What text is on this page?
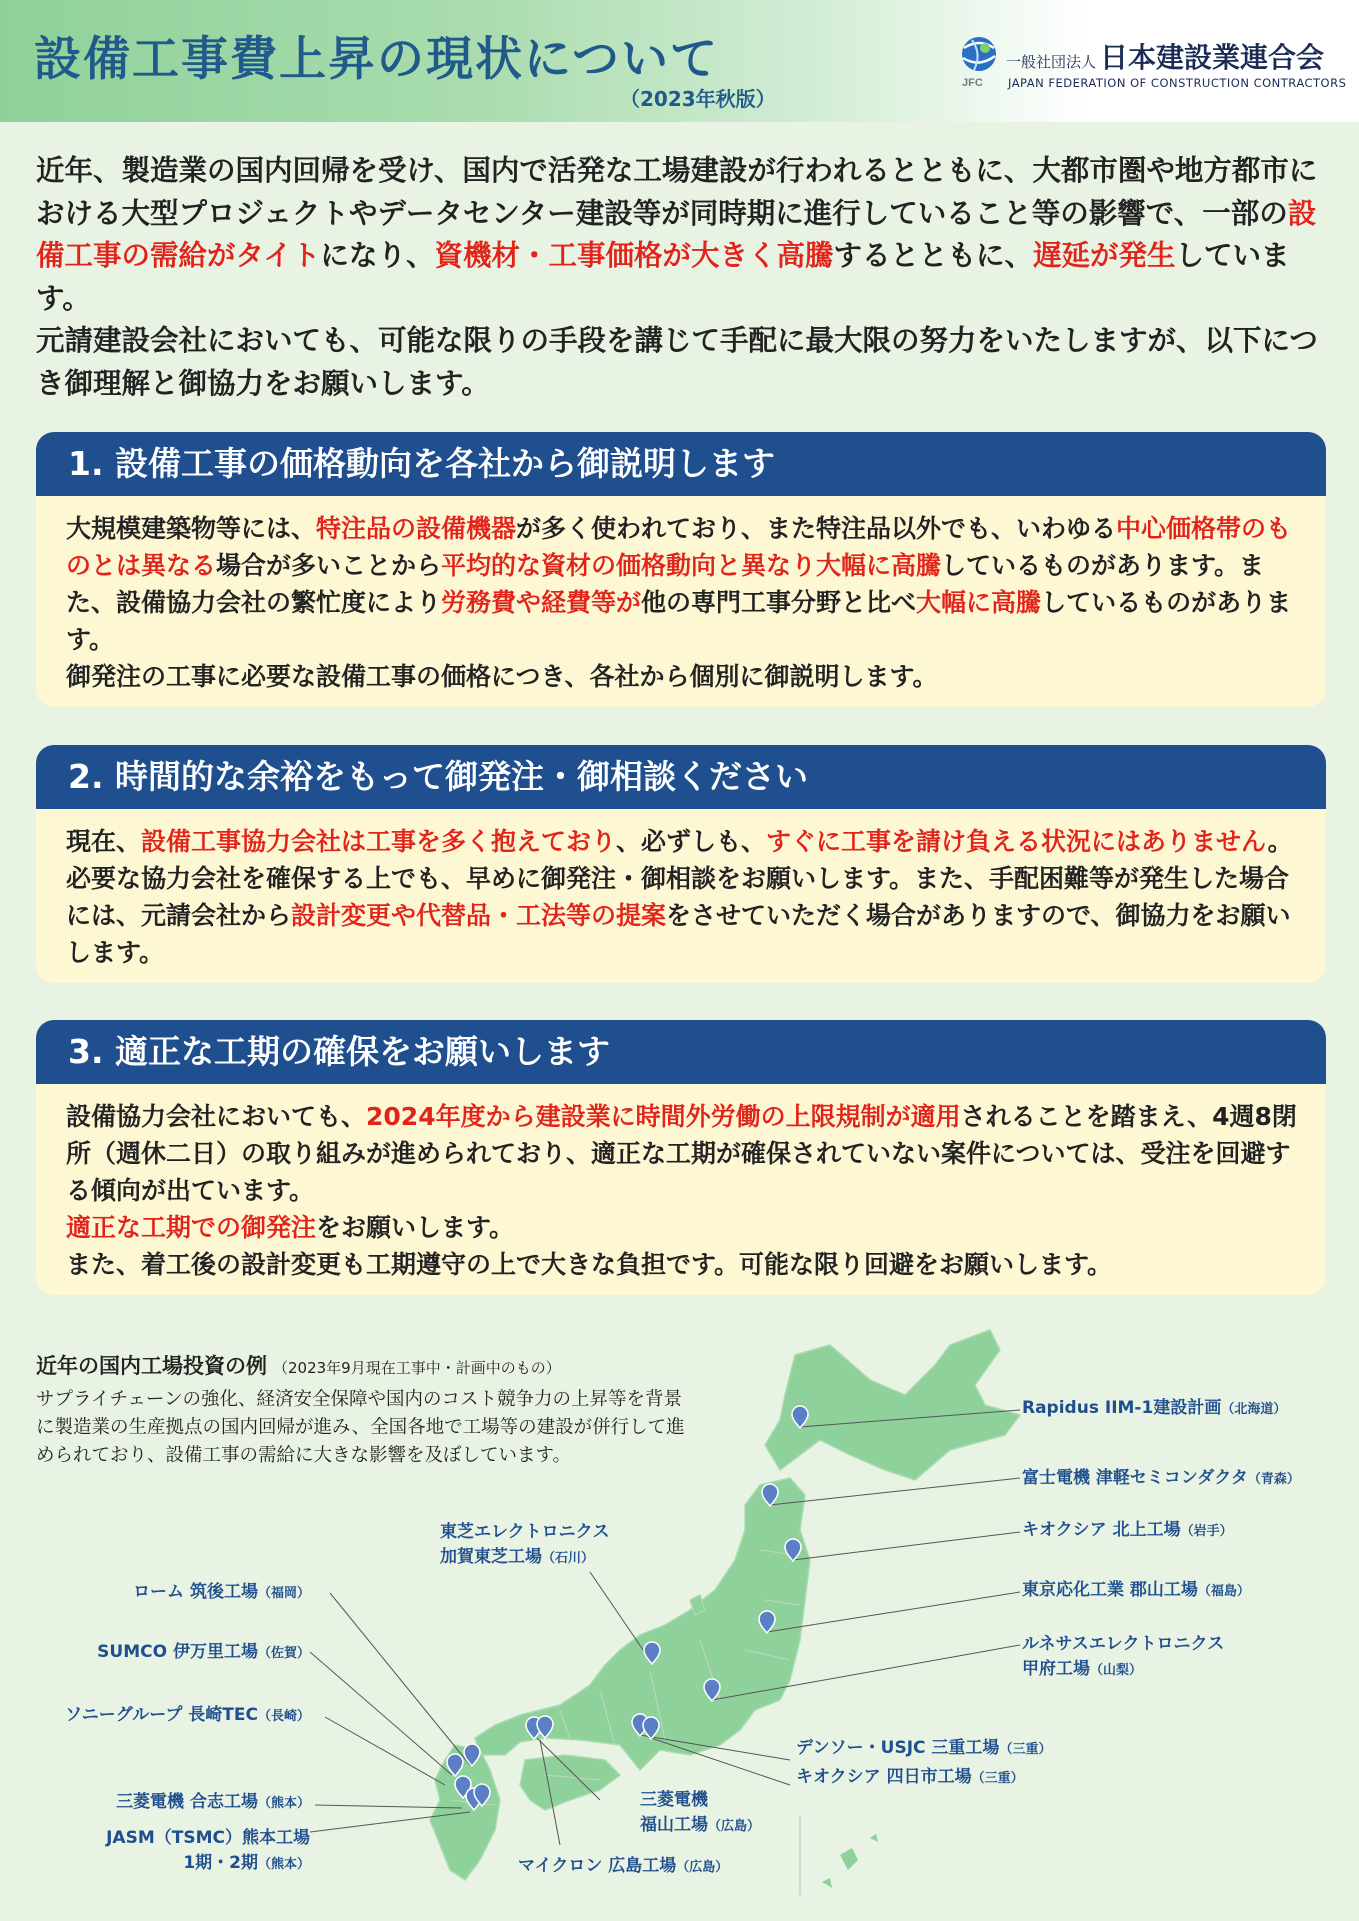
設備工事費上昇の現状について
（2023年秋版）
JFC
一般社団法人 日本建設業連合会
JAPAN FEDERATION OF CONSTRUCTION CONTRACTORS
近年、製造業の国内回帰を受け、国内で活発な工場建設が行われるとともに、大都市圏や地方都市における大型プロジェクトやデータセンター建設等が同時期に進行していること等の影響で、一部の設備工事の需給がタイトになり、資機材・工事価格が大きく高騰するとともに、遅延が発生しています。
元請建設会社においても、可能な限りの手段を講じて手配に最大限の努力をいたしますが、以下につき御理解と御協力をお願いします。
1. 設備工事の価格動向を各社から御説明します
大規模建築物等には、特注品の設備機器が多く使われており、また特注品以外でも、いわゆる中心価格帯のものとは異なる場合が多いことから平均的な資材の価格動向と異なり大幅に高騰しているものがあります。また、設備協力会社の繁忙度により労務費や経費等が他の専門工事分野と比べ大幅に高騰しているものがあります。
御発注の工事に必要な設備工事の価格につき、各社から個別に御説明します。
2. 時間的な余裕をもって御発注・御相談ください
現在、設備工事協力会社は工事を多く抱えており、必ずしも、すぐに工事を請け負える状況にはありません。必要な協力会社を確保する上でも、早めに御発注・御相談をお願いします。また、手配困難等が発生した場合には、元請会社から設計変更や代替品・工法等の提案をさせていただく場合がありますので、御協力をお願いします。
3. 適正な工期の確保をお願いします
設備協力会社においても、2024年度から建設業に時間外労働の上限規制が適用されることを踏まえ、4週8閉所（週休二日）の取り組みが進められており、適正な工期が確保されていない案件については、受注を回避する傾向が出ています。
適正な工期での御発注をお願いします。
また、着工後の設計変更も工期遵守の上で大きな負担です。可能な限り回避をお願いします。
近年の国内工場投資の例 （2023年9月現在工事中・計画中のもの）
サプライチェーンの強化、経済安全保障や国内のコスト競争力の上昇等を背景に製造業の生産拠点の国内回帰が進み、全国各地で工場等の建設が併行して進められており、設備工事の需給に大きな影響を及ぼしています。
Rapidus IIM-1建設計画（北海道）
富士電機 津軽セミコンダクタ（青森）
キオクシア 北上工場（岩手）
東京応化工業 郡山工場（福島）
ルネサスエレクトロニクス
甲府工場（山梨）
デンソー・USJC 三重工場（三重）
キオクシア 四日市工場（三重）
東芝エレクトロニクス
加賀東芝工場（石川）
ローム 筑後工場（福岡）
SUMCO 伊万里工場（佐賀）
ソニーグループ 長崎TEC（長崎）
三菱電機 合志工場（熊本）
JASM（TSMC）熊本工場
1期・2期（熊本）
三菱電機
福山工場（広島）
マイクロン 広島工場（広島）
